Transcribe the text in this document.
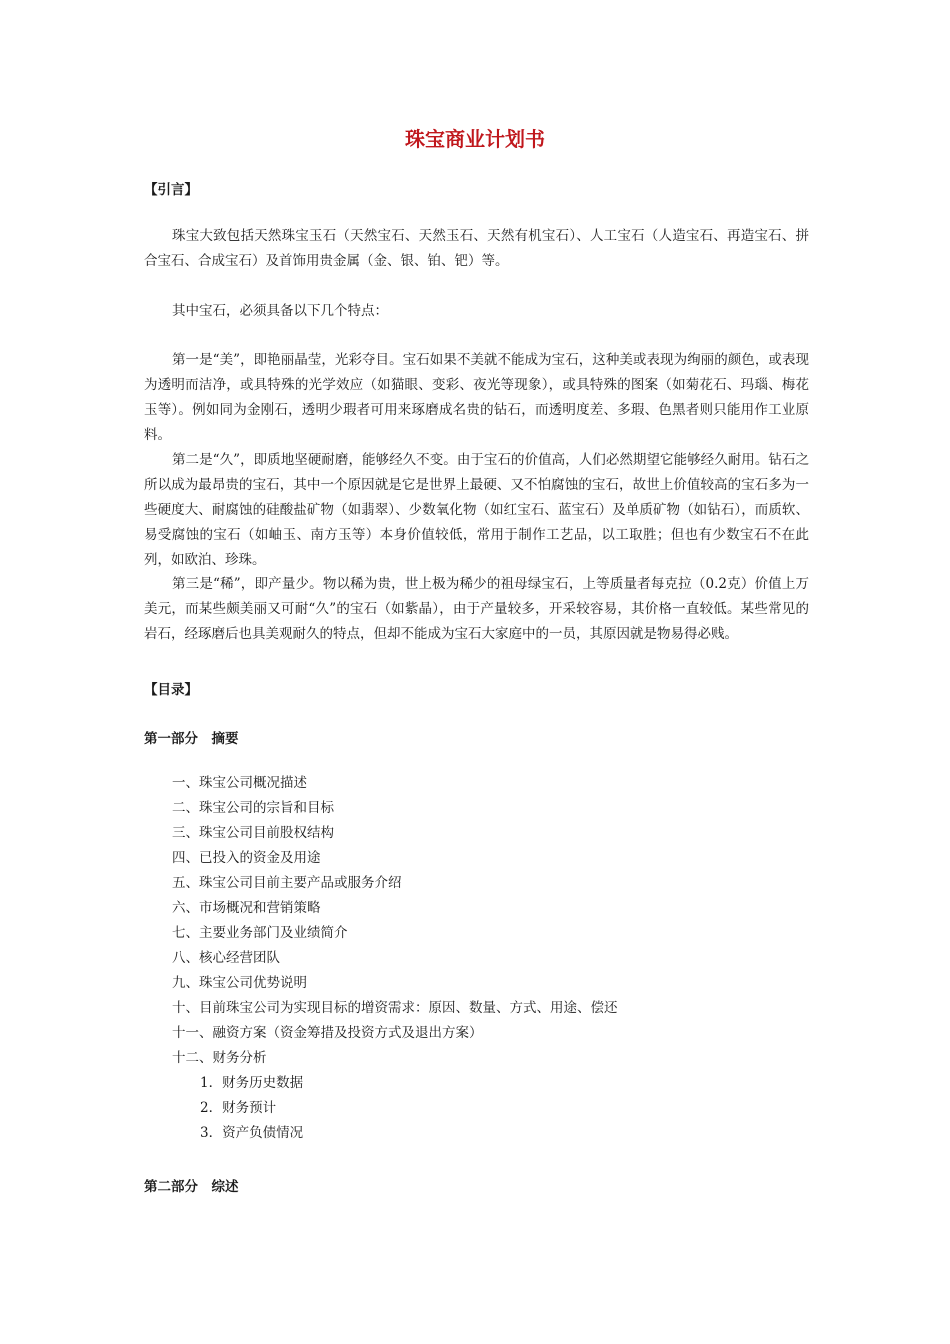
珠宝商业计划书
【引言】
珠宝大致包括天然珠宝玉石（天然宝石、天然玉石、天然有机宝石）、人工宝石（人造宝石、再造宝石、拼合宝石、合成宝石）及首饰用贵金属（金、银、铂、钯）等。
其中宝石，必须具备以下几个特点：
第一是“美”，即艳丽晶莹，光彩夺目。宝石如果不美就不能成为宝石，这种美或表现为绚丽的颜色，或表现为透明而洁净，或具特殊的光学效应（如猫眼、变彩、夜光等现象），或具特殊的图案（如菊花石、玛瑙、梅花玉等）。例如同为金刚石，透明少瑕者可用来琢磨成名贵的钻石，而透明度差、多瑕、色黑者则只能用作工业原料。
第二是“久”，即质地坚硬耐磨，能够经久不变。由于宝石的价值高，人们必然期望它能够经久耐用。钻石之所以成为最昂贵的宝石，其中一个原因就是它是世界上最硬、又不怕腐蚀的宝石，故世上价值较高的宝石多为一些硬度大、耐腐蚀的硅酸盐矿物（如翡翠）、少数氧化物（如红宝石、蓝宝石）及单质矿物（如钻石），而质软、易受腐蚀的宝石（如岫玉、南方玉等）本身价值较低，常用于制作工艺品，以工取胜；但也有少数宝石不在此列，如欧泊、珍珠。
第三是“稀”，即产量少。物以稀为贵，世上极为稀少的祖母绿宝石，上等质量者每克拉（0.2克）价值上万美元，而某些颇美丽又可耐“久”的宝石（如紫晶），由于产量较多，开采较容易，其价格一直较低。某些常见的岩石，经琢磨后也具美观耐久的特点，但却不能成为宝石大家庭中的一员，其原因就是物易得必贱。
【目录】
第一部分　摘要
一、珠宝公司概况描述
二、珠宝公司的宗旨和目标
三、珠宝公司目前股权结构
四、已投入的资金及用途
五、珠宝公司目前主要产品或服务介绍
六、市场概况和营销策略
七、主要业务部门及业绩简介
八、核心经营团队
九、珠宝公司优势说明
十、目前珠宝公司为实现目标的增资需求：原因、数量、方式、用途、偿还
十一、融资方案（资金筹措及投资方式及退出方案）
十二、财务分析
1．财务历史数据
2．财务预计
3．资产负债情况
第二部分　综述
